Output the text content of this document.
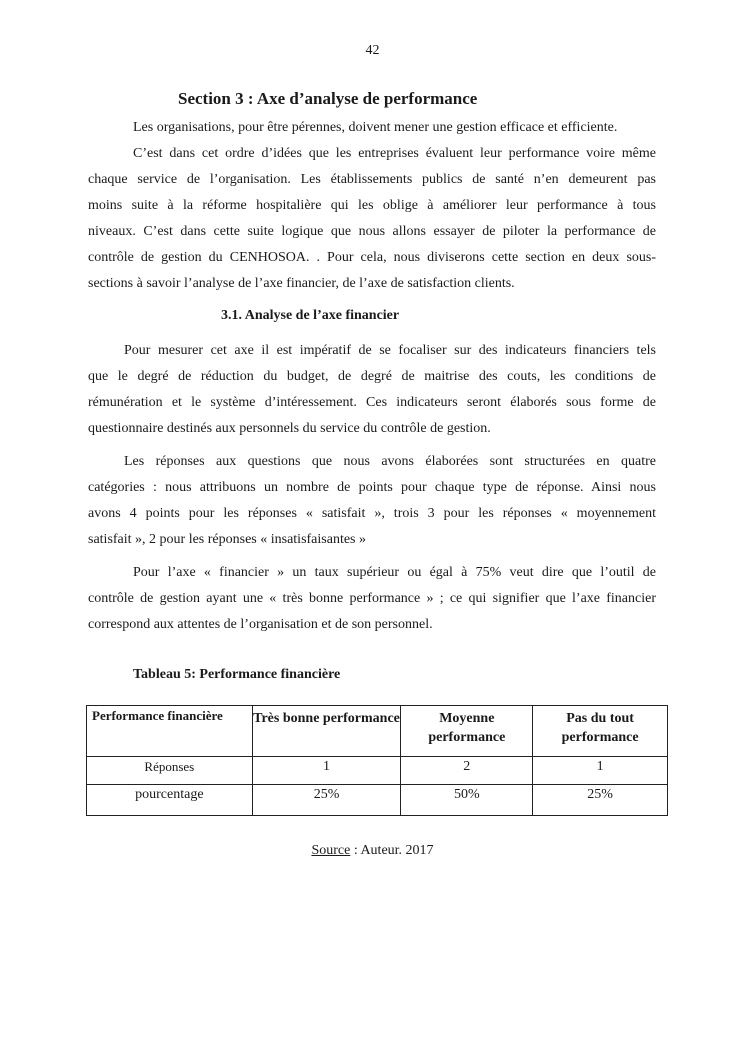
42
Section 3 : Axe d’analyse de performance
Les organisations, pour être pérennes, doivent mener une gestion efficace et efficiente.
C’est dans cet ordre d’idées que les entreprises évaluent leur performance voire même
chaque service de l’organisation. Les établissements publics de santé n’en demeurent pas
moins suite à la réforme hospitalière qui les oblige à améliorer leur performance à tous
niveaux. C’est dans cette suite logique que nous allons essayer de piloter la performance de
contrôle de gestion du CENHOSOA. . Pour cela, nous diviserons cette section en deux sous-
sections à savoir l’analyse de l’axe financier, de l’axe de satisfaction clients.
3.1. Analyse de l’axe financier
Pour mesurer cet axe il est impératif de se focaliser sur des indicateurs financiers tels
que le degré de réduction du budget, de degré de maitrise des couts, les conditions de
rémunération et le système d’intéressement. Ces indicateurs seront élaborés sous forme de
questionnaire destinés aux personnels du service du contrôle de gestion.
Les réponses aux questions que nous avons élaborées sont structurées en quatre
catégories : nous attribuons un nombre de points pour chaque type de réponse. Ainsi nous
avons 4 points pour les réponses « satisfait », trois 3 pour les réponses « moyennement
satisfait », 2 pour les réponses « insatisfaisantes »
Pour l’axe « financier » un taux supérieur ou égal à 75% veut dire que l’outil de
contrôle de gestion ayant une « très bonne performance » ; ce qui signifier que l’axe financier
correspond aux attentes de l’organisation et de son personnel.
Tableau 5: Performance financière
Performance financière	Très bonne performance	Moyenne performance	Pas du tout performance
Réponses	1	2	1
pourcentage	25%	50%	25%
Source : Auteur. 2017
